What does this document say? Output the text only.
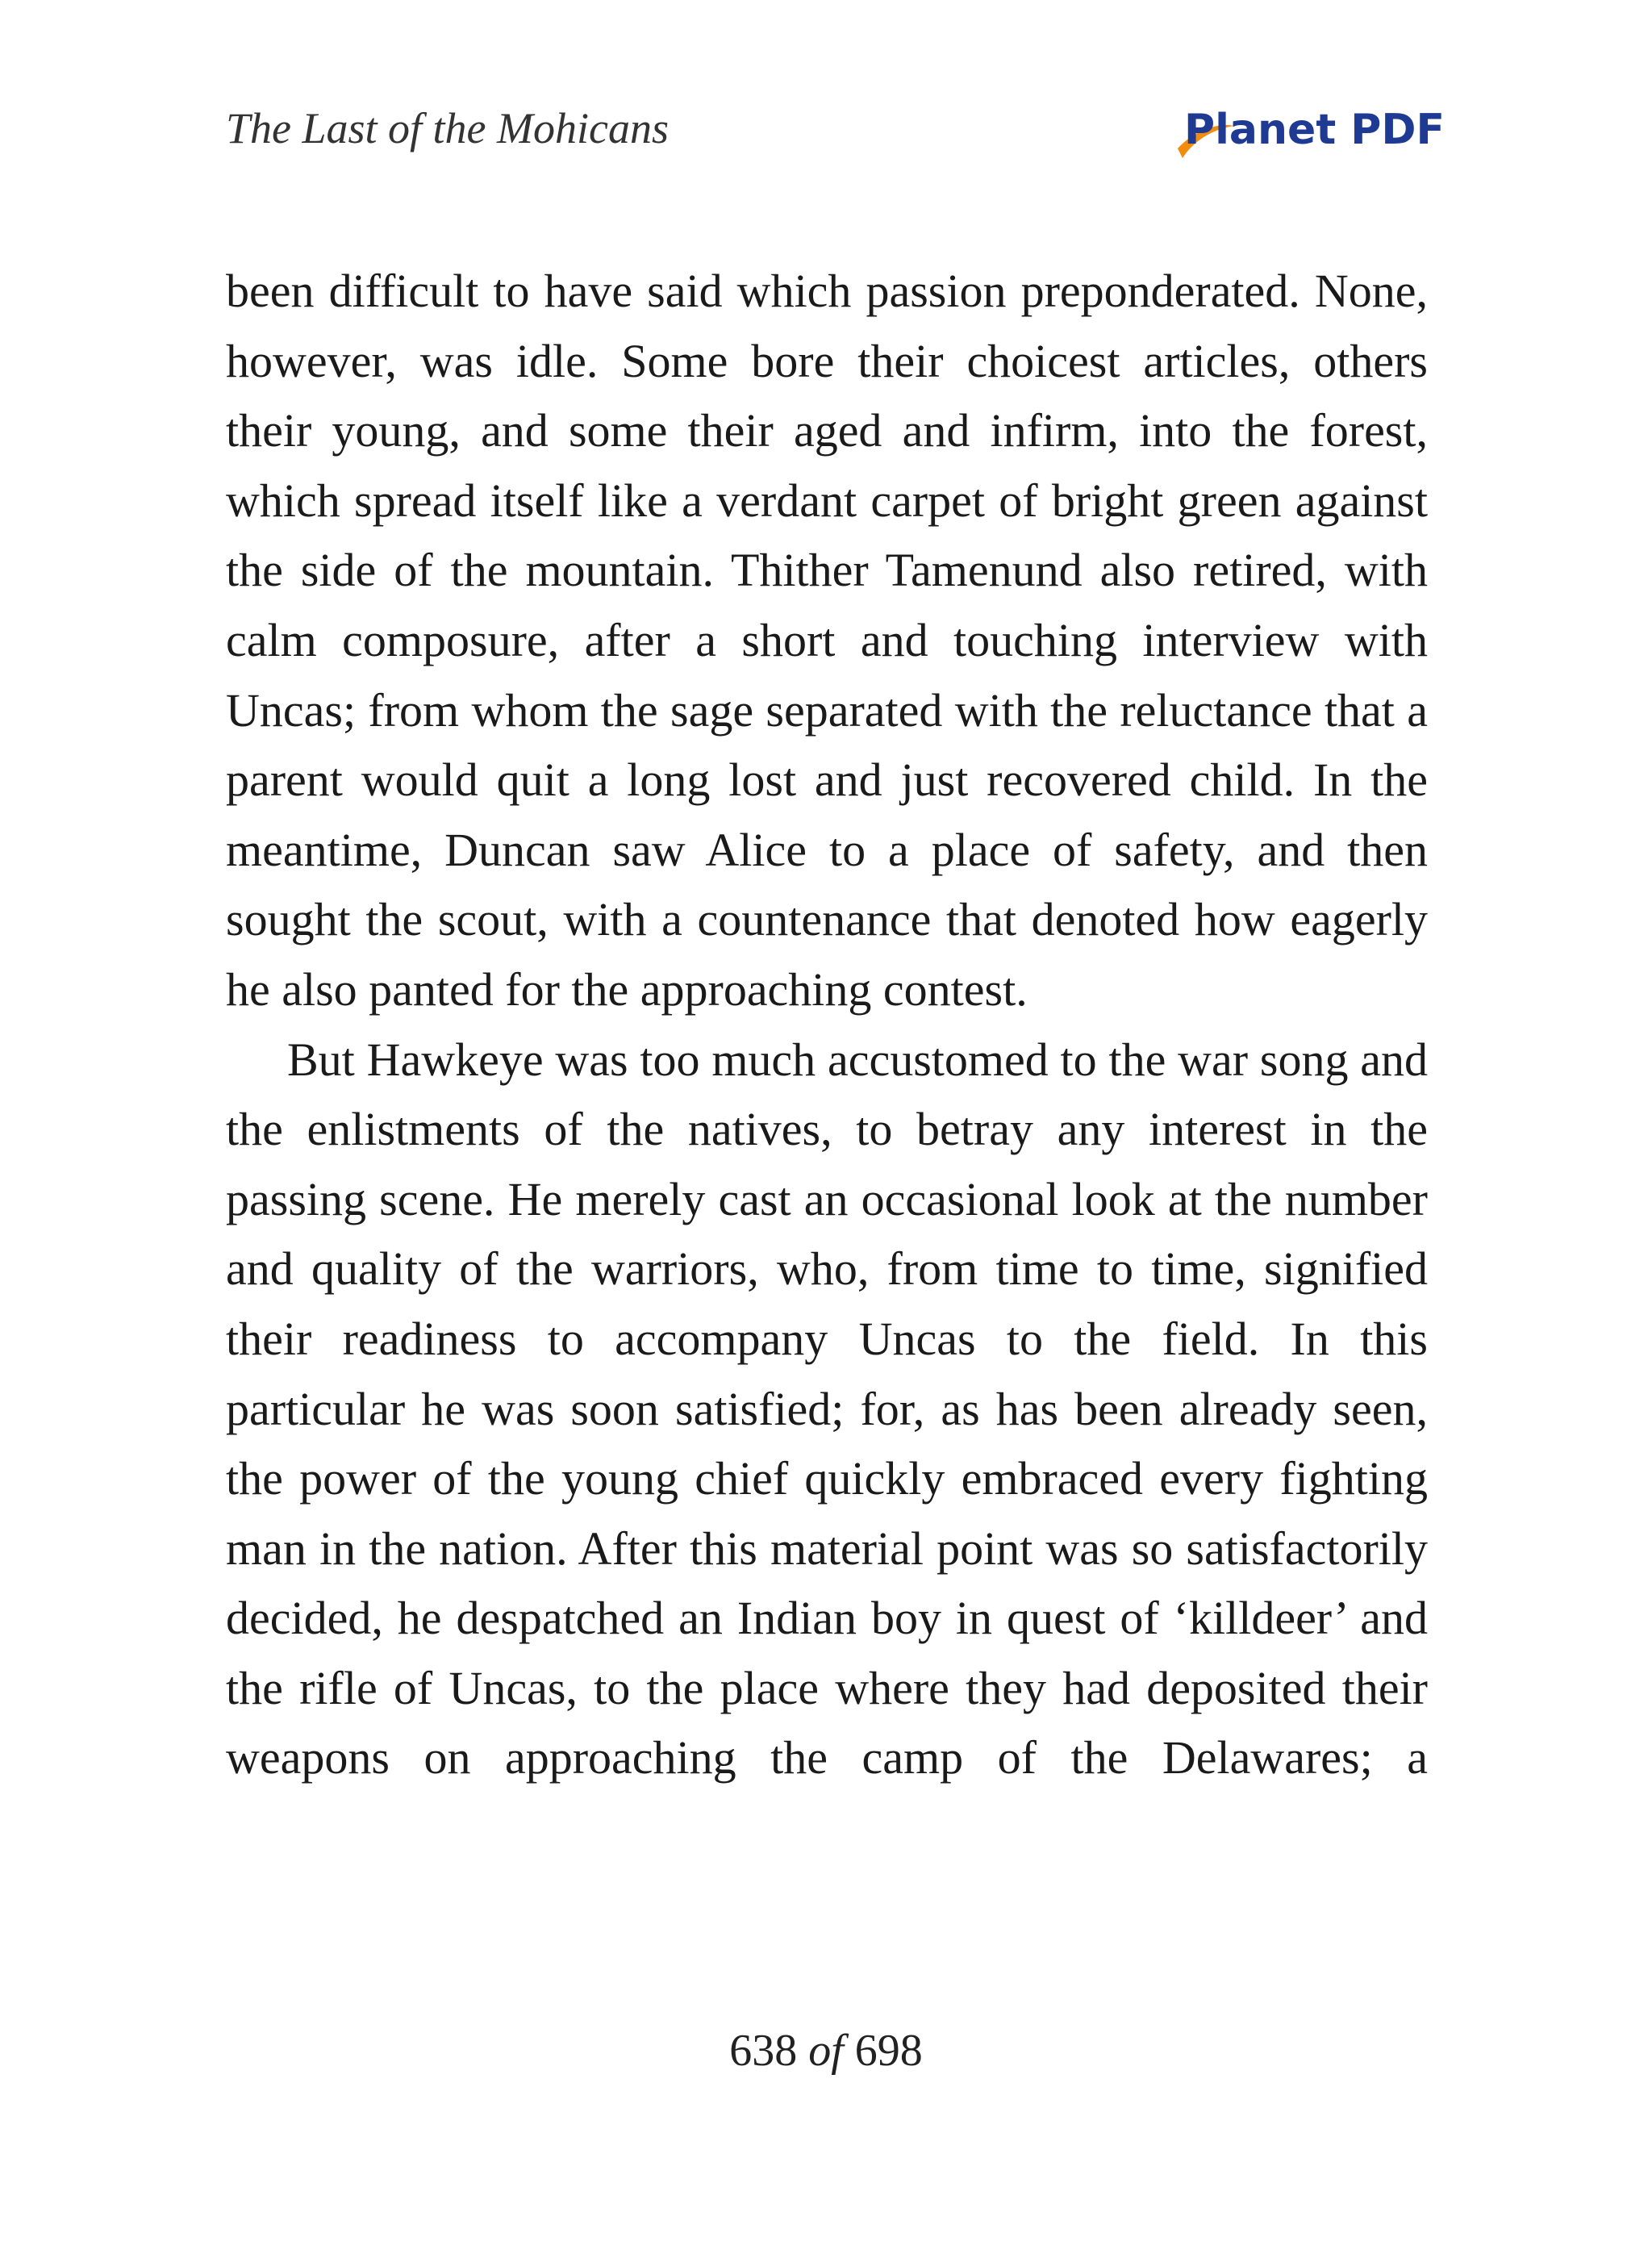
The Last of the Mohicans	Planet PDF

been difficult to have said which passion preponderated. None, however, was idle. Some bore their choicest articles, others their young, and some their aged and infirm, into the forest, which spread itself like a verdant carpet of bright green against the side of the mountain. Thither Tamenund also retired, with calm composure, after a short and touching interview with Uncas; from whom the sage separated with the reluctance that a parent would quit a long lost and just recovered child. In the meantime, Duncan saw Alice to a place of safety, and then sought the scout, with a countenance that denoted how eagerly he also panted for the approaching contest.

But Hawkeye was too much accustomed to the war song and the enlistments of the natives, to betray any interest in the passing scene. He merely cast an occasional look at the number and quality of the warriors, who, from time to time, signified their readiness to accompany Uncas to the field. In this particular he was soon satisfied; for, as has been already seen, the power of the young chief quickly embraced every fighting man in the nation. After this material point was so satisfactorily decided, he despatched an Indian boy in quest of ‘killdeer’ and the rifle of Uncas, to the place where they had deposited their weapons on approaching the camp of the Delawares; a

638 of 698
